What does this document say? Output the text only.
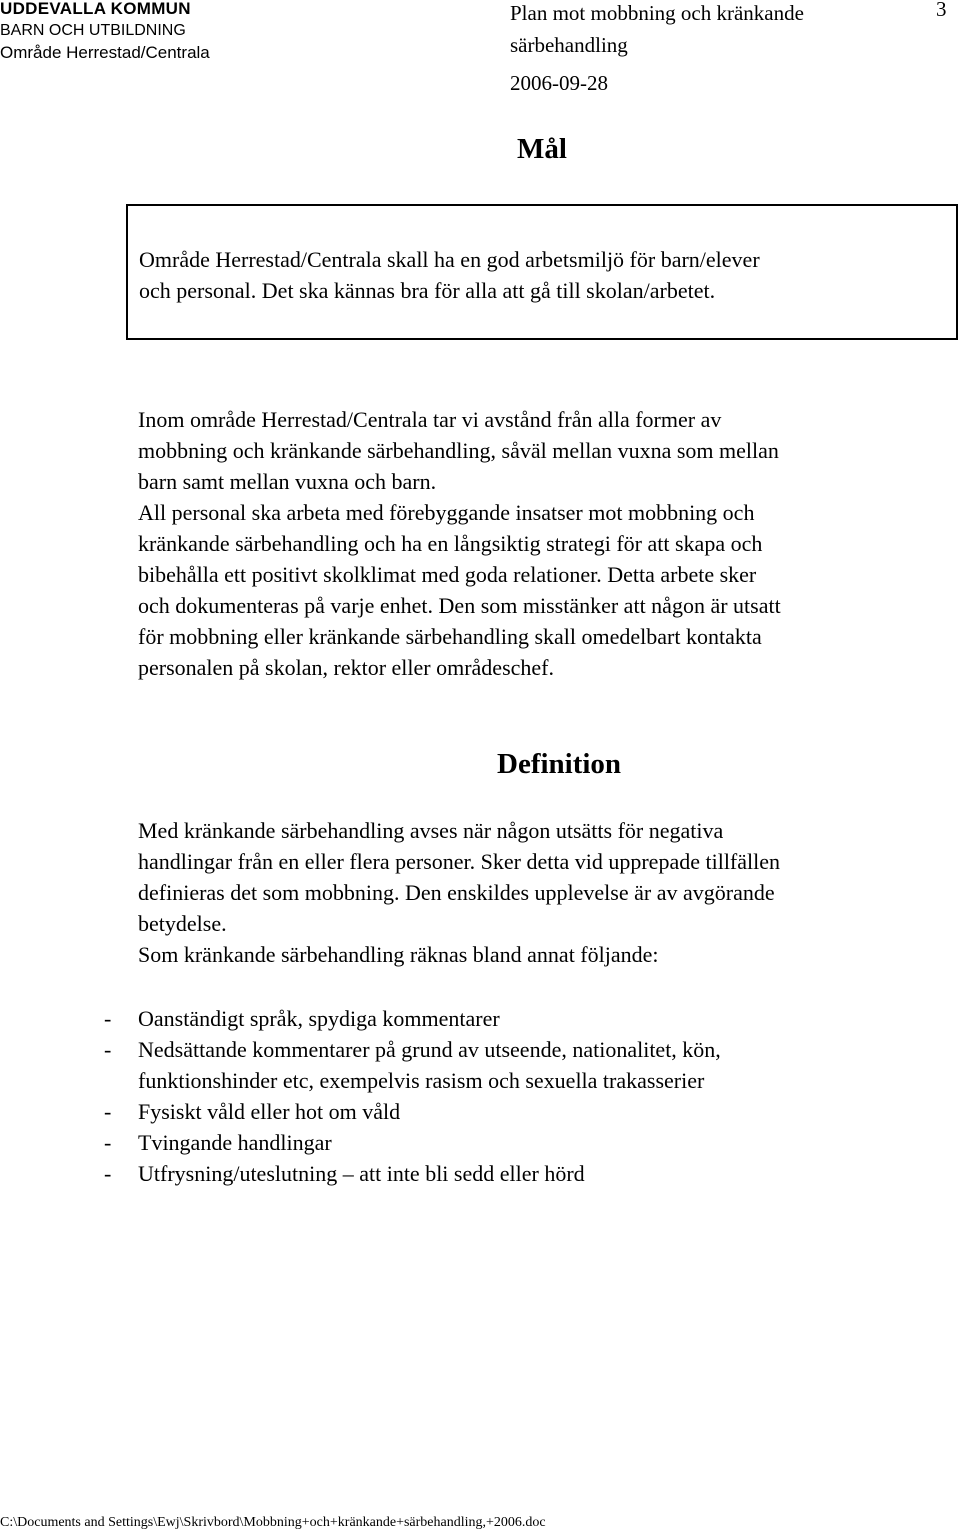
UDDEVALLA KOMMUN
BARN OCH UTBILDNING
Område Herrestad/Centrala
Plan mot mobbning och kränkande
särbehandling
2006-09-28
3
Mål
Område Herrestad/Centrala skall ha en god arbetsmiljö för barn/elever
och personal. Det ska kännas bra för alla att gå till skolan/arbetet.
Inom område Herrestad/Centrala tar vi avstånd från alla former av
mobbning och kränkande särbehandling, såväl mellan vuxna som mellan
barn samt mellan vuxna och barn.
All personal ska arbeta med förebyggande insatser mot mobbning och
kränkande särbehandling och ha en långsiktig strategi för att skapa och
bibehålla ett positivt skolklimat med goda relationer. Detta arbete sker
och dokumenteras på varje enhet. Den som misstänker att någon är utsatt
för mobbning eller kränkande särbehandling skall omedelbart kontakta
personalen på skolan, rektor eller områdeschef.
Definition
Med kränkande särbehandling avses när någon utsätts för negativa
handlingar från en eller flera personer. Sker detta vid upprepade tillfällen
definieras det som mobbning. Den enskildes upplevelse är av avgörande
betydelse.
Som kränkande särbehandling räknas bland annat följande:
- Oanständigt språk, spydiga kommentarer
- Nedsättande kommentarer på grund av utseende, nationalitet, kön,
funktionshinder etc, exempelvis rasism och sexuella trakasserier
- Fysiskt våld eller hot om våld
- Tvingande handlingar
- Utfrysning/uteslutning – att inte bli sedd eller hörd
C:\Documents and Settings\Ewj\Skrivbord\Mobbning+och+kränkande+särbehandling,+2006.doc
